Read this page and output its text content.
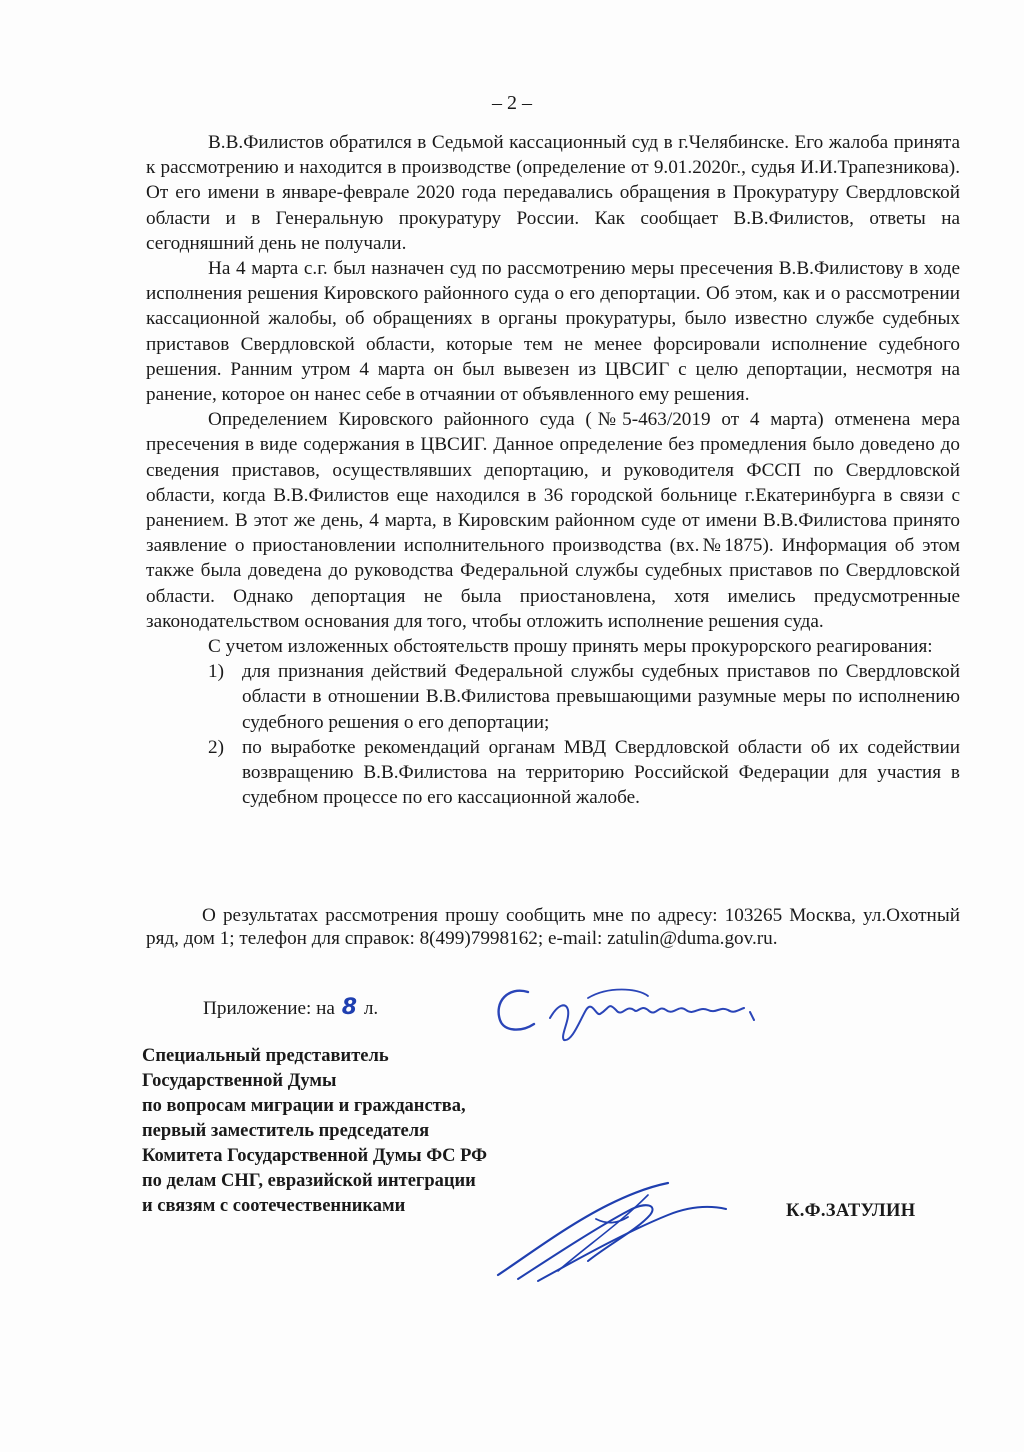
– 2 –

В.В.Филистов обратился в Седьмой кассационный суд в г.Челябинске. Его жалоба принята к рассмотрению и находится в производстве (определение от 9.01.2020г., судья И.И.Трапезникова). От его имени в январе-феврале 2020 года передавались обращения в Прокуратуру Свердловской области и в Генеральную прокуратуру России. Как сообщает В.В.Филистов, ответы на сегодняшний день не получали.

На 4 марта с.г. был назначен суд по рассмотрению меры пресечения В.В.Филистову в ходе исполнения решения Кировского районного суда о его депортации. Об этом, как и о рассмотрении кассационной жалобы, об обращениях в органы прокуратуры, было известно службе судебных приставов Свердловской области, которые тем не менее форсировали исполнение судебного решения. Ранним утром 4 марта он был вывезен из ЦВСИГ с целю депортации, несмотря на ранение, которое он нанес себе в отчаянии от объявленного ему решения.

Определением Кировского районного суда (№5-463/2019 от 4 марта) отменена мера пресечения в виде содержания в ЦВСИГ. Данное определение без промедления было доведено до сведения приставов, осуществлявших депортацию, и руководителя ФССП по Свердловской области, когда В.В.Филистов еще находился в 36 городской больнице г.Екатеринбурга в связи с ранением. В этот же день, 4 марта, в Кировским районном суде от имени В.В.Филистова принято заявление о приостановлении исполнительного производства (вх.№1875). Информация об этом также была доведена до руководства Федеральной службы судебных приставов по Свердловской области. Однако депортация не была приостановлена, хотя имелись предусмотренные законодательством основания для того, чтобы отложить исполнение решения суда.

С учетом изложенных обстоятельств прошу принять меры прокурорского реагирования:

1) для признания действий Федеральной службы судебных приставов по Свердловской области в отношении В.В.Филистова превышающими разумные меры по исполнению судебного решения о его депортации;
2) по выработке рекомендаций органам МВД Свердловской области об их содействии возвращению В.В.Филистова на территорию Российской Федерации для участия в судебном процессе по его кассационной жалобе.
О результатах рассмотрения прошу сообщить мне по адресу: 103265 Москва, ул.Охотный ряд, дом 1; телефон для справок: 8(499)7998162; e-mail: zatulin@duma.gov.ru.
Приложение: на 8 л.
Специальный представитель
Государственной Думы
по вопросам миграции и гражданства,
первый заместитель председателя
Комитета Государственной Думы ФС РФ
по делам СНГ, евразийской интеграции
и связям с соотечественниками	К.Ф.ЗАТУЛИН
